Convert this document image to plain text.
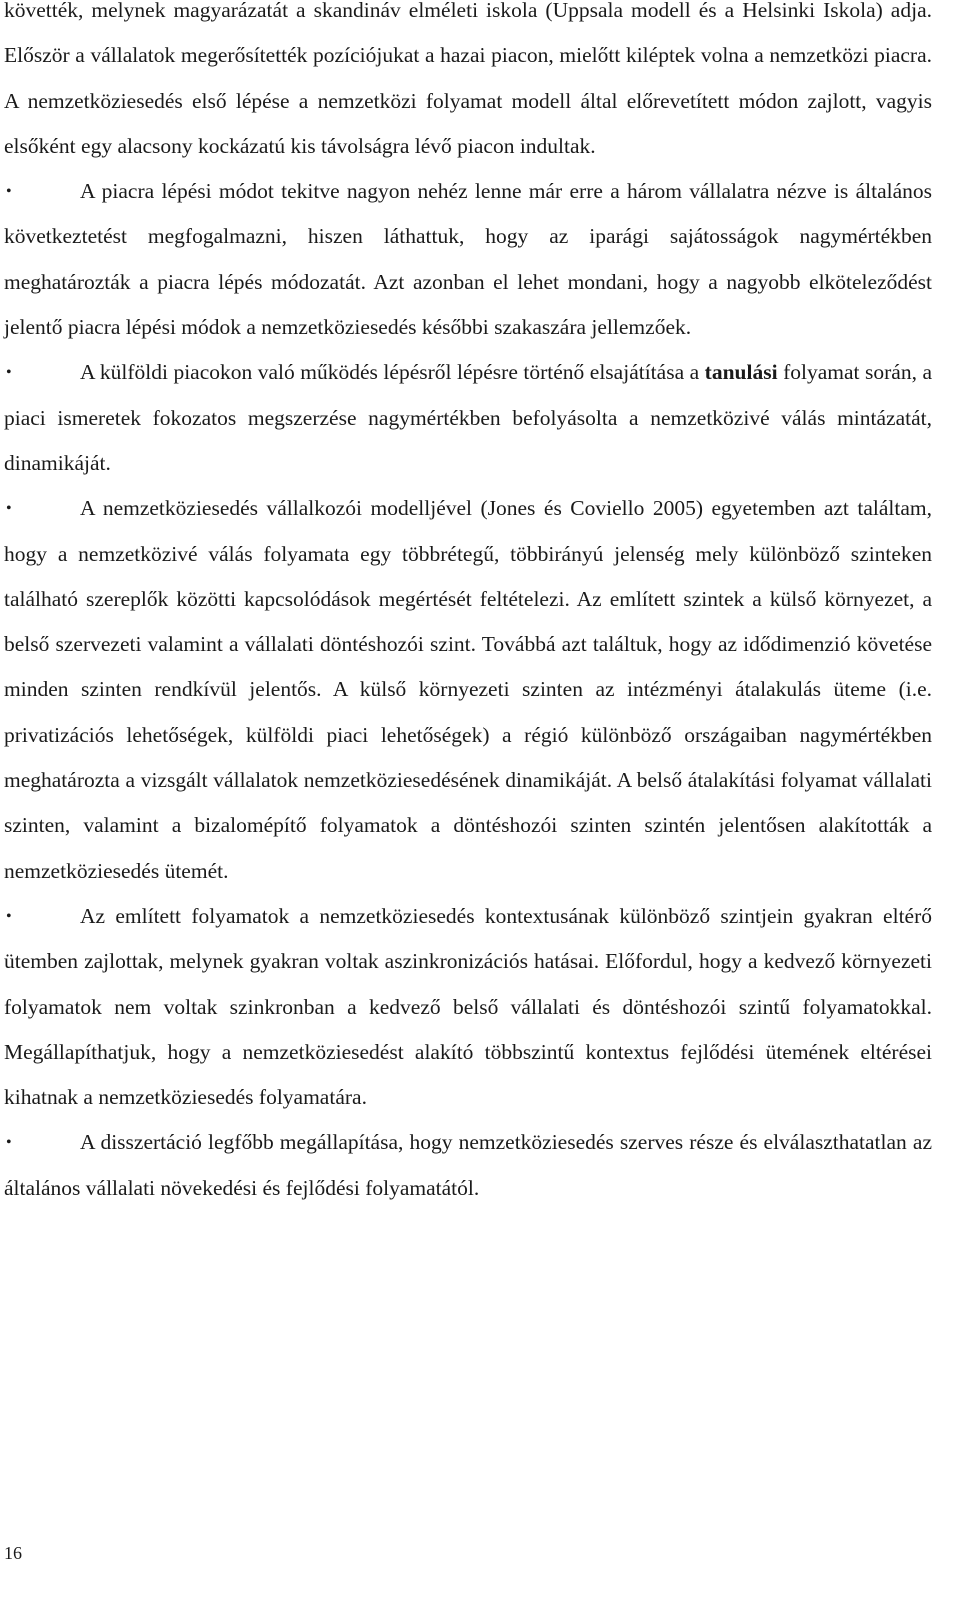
követték, melynek magyarázatát a skandináv elméleti iskola (Uppsala modell és a Helsinki Iskola) adja. Először a vállalatok megerősítették pozíciójukat a hazai piacon, mielőtt kiléptek volna a nemzetközi piacra. A nemzetköziesedés első lépése a nemzetközi folyamat modell által előrevetített módon zajlott, vagyis elsőként egy alacsony kockázatú kis távolságra lévő piacon indultak.

•	A piacra lépési módot tekitve nagyon nehéz lenne már erre a három vállalatra nézve is általános következtetést megfogalmazni, hiszen láthattuk, hogy az iparági sajátosságok nagymértékben meghatározták a piacra lépés módozatát. Azt azonban el lehet mondani, hogy a nagyobb elköteleződést jelentő piacra lépési módok a nemzetköziesedés későbbi szakaszára jellemzőek.

•	A külföldi piacokon való működés lépésről lépésre történő elsajátítása a tanulási folyamat során, a piaci ismeretek fokozatos megszerzése nagymértékben befolyásolta a nemzetközivé válás mintázatát, dinamikáját.

•	A nemzetköziesedés vállalkozói modelljével (Jones és Coviello 2005) egyetemben azt találtam, hogy a nemzetközivé válás folyamata egy többrétegű, többirányú jelenség mely különböző szinteken található szereplők közötti kapcsolódások megértését feltételezi. Az említett szintek a külső környezet, a belső szervezeti valamint a vállalati döntéshozói szint. Továbbá azt találtuk, hogy az idődimenzió követése minden szinten rendkívül jelentős. A külső környezeti szinten az intézményi átalakulás üteme (i.e. privatizációs lehetőségek, külföldi piaci lehetőségek) a régió különböző országaiban nagymértékben meghatározta a vizsgált vállalatok nemzetköziesedésének dinamikáját. A belső átalakítási folyamat vállalati szinten, valamint a bizalomépítő folyamatok a döntéshozói szinten szintén jelentősen alakították a nemzetköziesedés ütemét.

•	Az említett folyamatok a nemzetköziesedés kontextusának különböző szintjein gyakran eltérő ütemben zajlottak, melynek gyakran voltak aszinkronizációs hatásai. Előfordul, hogy a kedvező környezeti folyamatok nem voltak szinkronban a kedvező belső vállalati és döntéshozói szintű folyamatokkal. Megállapíthatjuk, hogy a nemzetköziesedést alakító többszintű kontextus fejlődési ütemének eltérései kihatnak a nemzetköziesedés folyamatára.

•	A disszertáció legfőbb megállapítása, hogy nemzetköziesedés szerves része és elválaszthatatlan az általános vállalati növekedési és fejlődési folyamatától.

16
